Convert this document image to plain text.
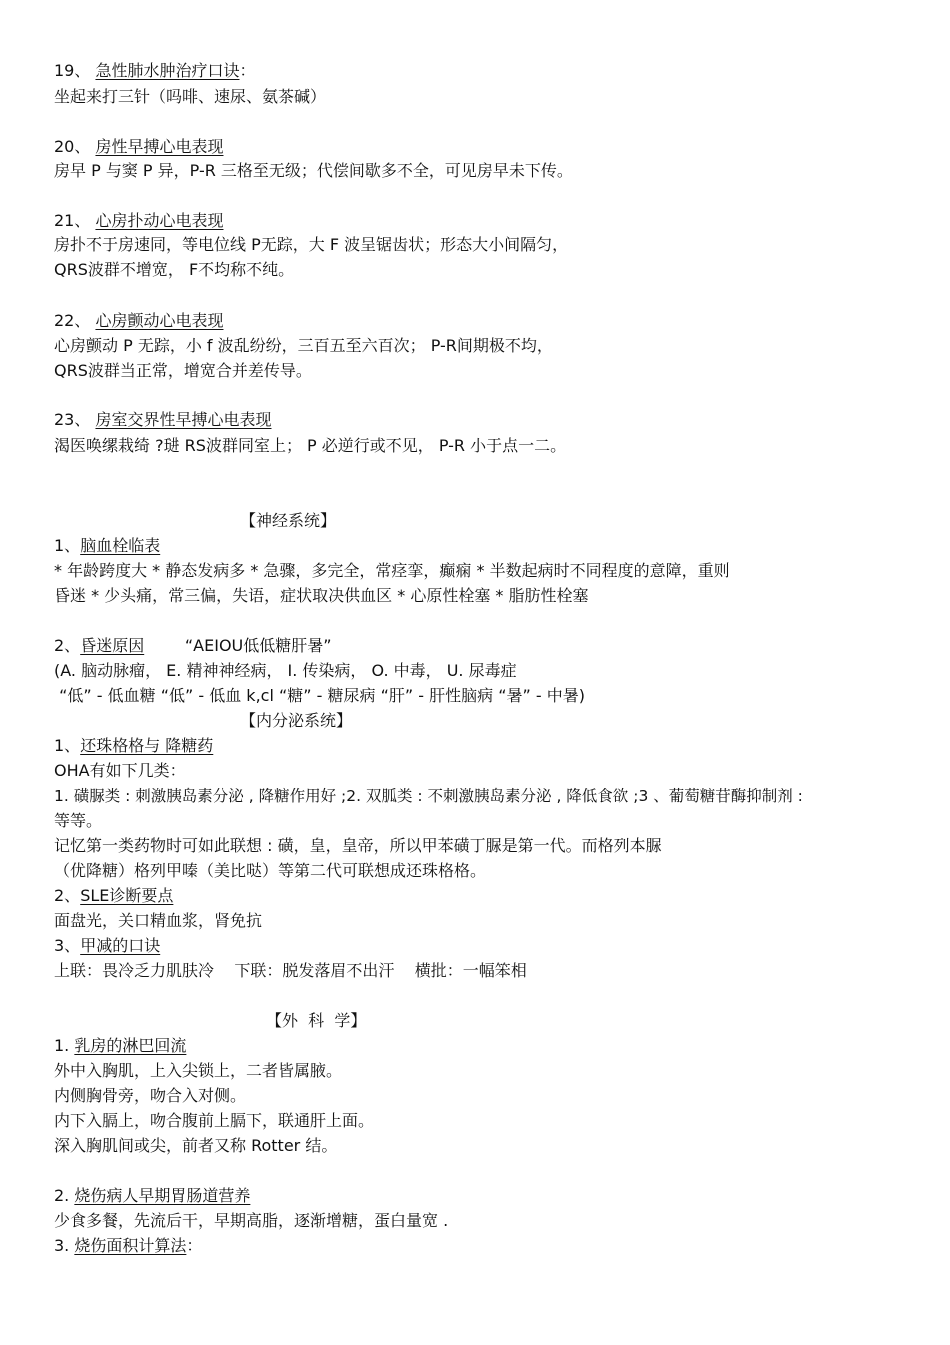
19、 急性肺水肿治疗口诀：
坐起来打三针（吗啡、速尿、氨茶碱）
20、 房性早搏心电表现
房早 P 与窦 P 异，P-R 三格至无级；代偿间歇多不全，可见房早未下传。
21、 心房扑动心电表现
房扑不于房速同，等电位线 P无踪，大 F 波呈锯齿状；形态大小间隔匀，
QRS波群不增宽， F不均称不纯。
22、 心房颤动心电表现
心房颤动 P 无踪，小 f 波乱纷纷，三百五至六百次； P-R间期极不均，
QRS波群当正常，增宽合并差传导。
23、 房室交界性早搏心电表现
渴医唤缧栽绮 ?琎 RS波群同室上； P 必逆行或不见， P-R 小于点一二。
【神经系统】
1、脑血栓临表
* 年龄跨度大 * 静态发病多 * 急骤，多完全，常痉挛，癫痫 * 半数起病时不同程度的意障，重则
昏迷 * 少头痛，常三偏，失语，症状取决供血区 * 心原性栓塞 * 脂肪性栓塞
2、昏迷原因        “AEIOU低低糖肝暑”
(A. 脑动脉瘤， E. 精神神经病， I. 传染病， O. 中毒， U. 尿毒症
“低” - 低血糖 “低” - 低血 k,cl “糖” - 糖尿病 “肝” - 肝性脑病 “暑” - 中暑)
【内分泌系统】
1、还珠格格与 降糖药
OHA有如下几类：
1. 磺脲类 : 刺激胰岛素分泌 , 降糖作用好 ;2. 双胍类 : 不刺激胰岛素分泌 , 降低食欲 ;3 、葡萄糖苷酶抑制剂 :
等等。
记忆第一类药物时可如此联想 : 磺，皇，皇帝，所以甲苯磺丁脲是第一代。而格列本脲
（优降糖）格列甲嗪（美比哒）等第二代可联想成还珠格格。
2、SLE诊断要点
面盘光，关口精血浆，肾免抗
3、甲减的口诀
上联：畏冷乏力肌肤冷    下联：脱发落眉不出汗    横批：一幅笨相
【外  科  学】
1. 乳房的淋巴回流
外中入胸肌，上入尖锁上，二者皆属腋。
内侧胸骨旁，吻合入对侧。
内下入膈上，吻合腹前上膈下，联通肝上面。
深入胸肌间或尖，前者又称 Rotter 结。
2. 烧伤病人早期胃肠道营养
少食多餐，先流后干，早期高脂，逐渐增糖，蛋白量宽 .
3. 烧伤面积计算法：
